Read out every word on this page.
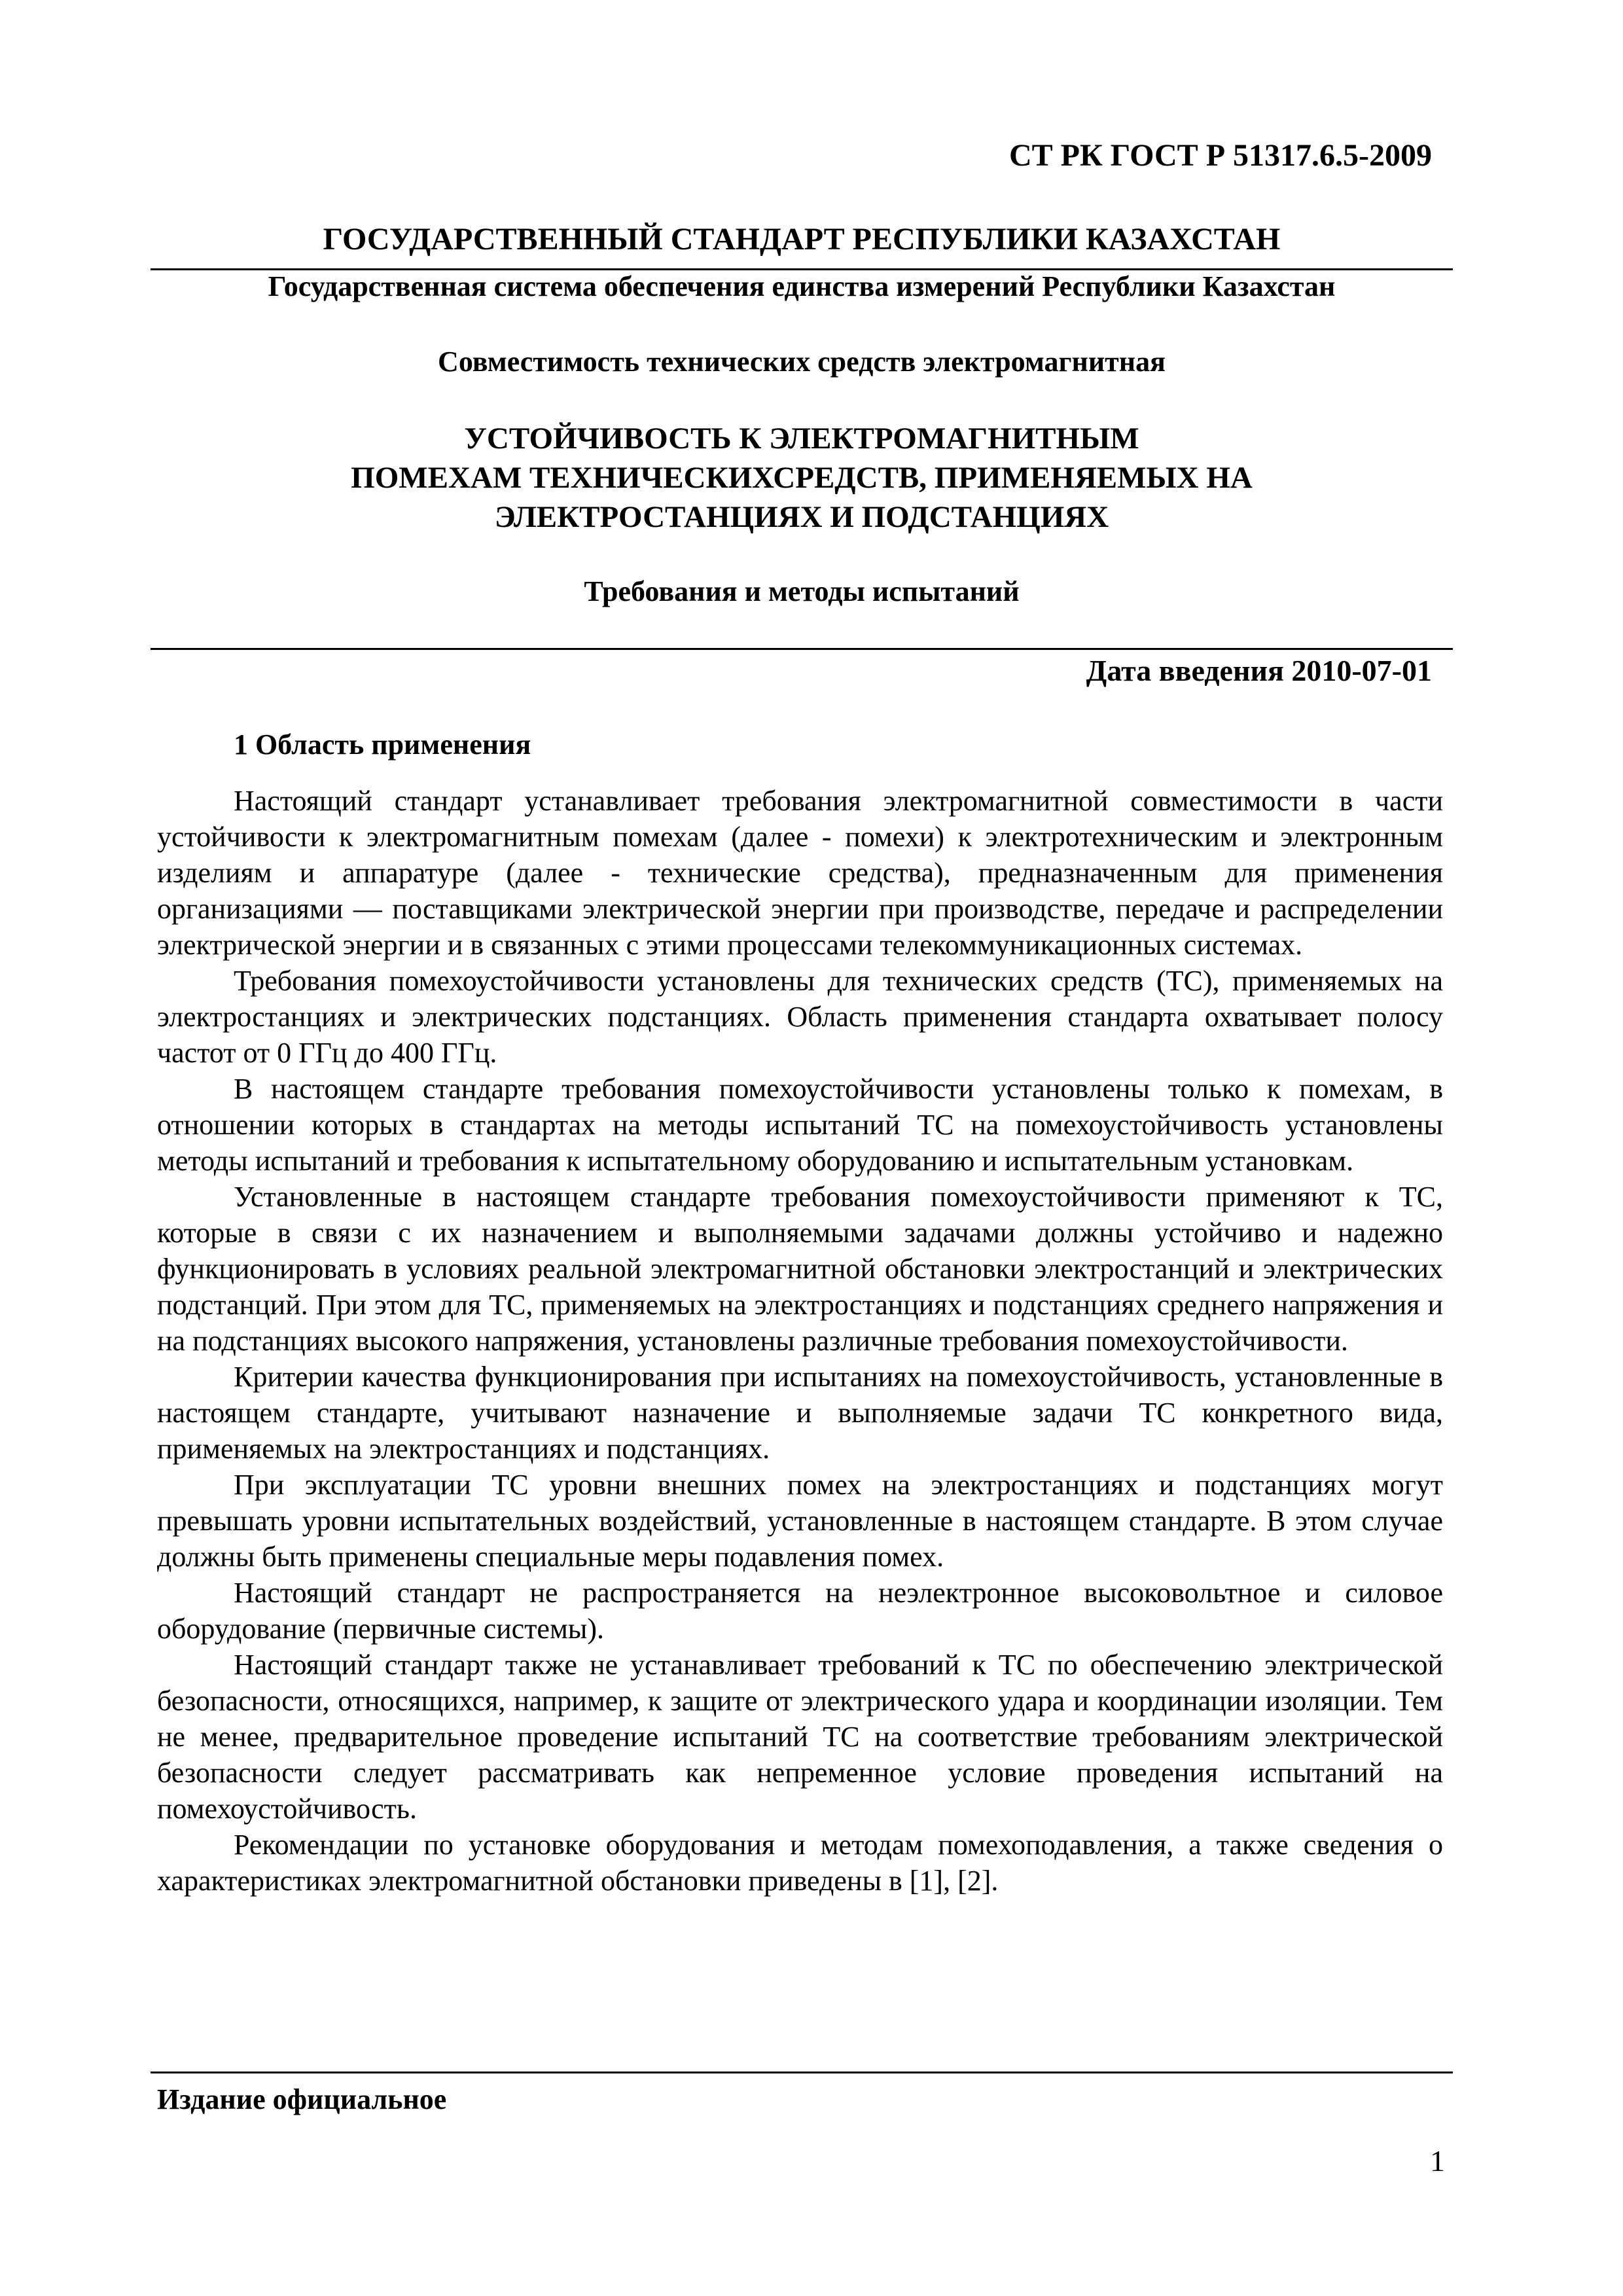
СТ РК ГОСТ Р 51317.6.5-2009
ГОСУДАРСТВЕННЫЙ СТАНДАРТ РЕСПУБЛИКИ КАЗАХСТАН
Государственная система обеспечения единства измерений Республики Казахстан
Совместимость технических средств электромагнитная
УСТОЙЧИВОСТЬ К ЭЛЕКТРОМАГНИТНЫМ
ПОМЕХАМ ТЕХНИЧЕСКИХСРЕДСТВ, ПРИМЕНЯЕМЫХ НА
ЭЛЕКТРОСТАНЦИЯХ И ПОДСТАНЦИЯХ
Требования и методы испытаний
Дата введения 2010-07-01
1 Область применения

Настоящий стандарт устанавливает требования электромагнитной совместимости в части устойчивости к электромагнитным помехам (далее - помехи) к электротехническим и электронным изделиям и аппаратуре (далее - технические средства), предназначенным для применения организациями — поставщиками электрической энергии при производстве, передаче и распределении электрической энергии и в связанных с этими процессами телекоммуникационных системах.

Требования помехоустойчивости установлены для технических средств (ТС), применяемых на электростанциях и электрических подстанциях. Область применения стандарта охватывает полосу частот от 0 ГГц до 400 ГГц.

В настоящем стандарте требования помехоустойчивости установлены только к помехам, в отношении которых в стандартах на методы испытаний ТС на помехоустойчивость установлены методы испытаний и требования к испытательному оборудованию и испытательным установкам.

Установленные в настоящем стандарте требования помехоустойчивости применяют к ТС, которые в связи с их назначением и выполняемыми задачами должны устойчиво и надежно функционировать в условиях реальной электромагнитной обстановки электростанций и электрических подстанций. При этом для ТС, применяемых на электростанциях и подстанциях среднего напряжения и на подстанциях высокого напряжения, установлены различные требования помехоустойчивости.

Критерии качества функционирования при испытаниях на помехоустойчивость, установленные в настоящем стандарте, учитывают назначение и выполняемые задачи ТС конкретного вида, применяемых на электростанциях и подстанциях.

При эксплуатации ТС уровни внешних помех на электростанциях и подстанциях могут превышать уровни испытательных воздействий, установленные в настоящем стандарте. В этом случае должны быть применены специальные меры подавления помех.

Настоящий стандарт не распространяется на неэлектронное высоковольтное и силовое оборудование (первичные системы).

Настоящий стандарт также не устанавливает требований к ТС по обеспечению электрической безопасности, относящихся, например, к защите от электрического удара и координации изоляции. Тем не менее, предварительное проведение испытаний ТС на соответствие требованиям электрической безопасности следует рассматривать как непременное условие проведения испытаний на помехоустойчивость.

Рекомендации по установке оборудования и методам помехоподавления, а также сведения о характеристиках электромагнитной обстановки приведены в [1], [2].

Издание официальное
1
